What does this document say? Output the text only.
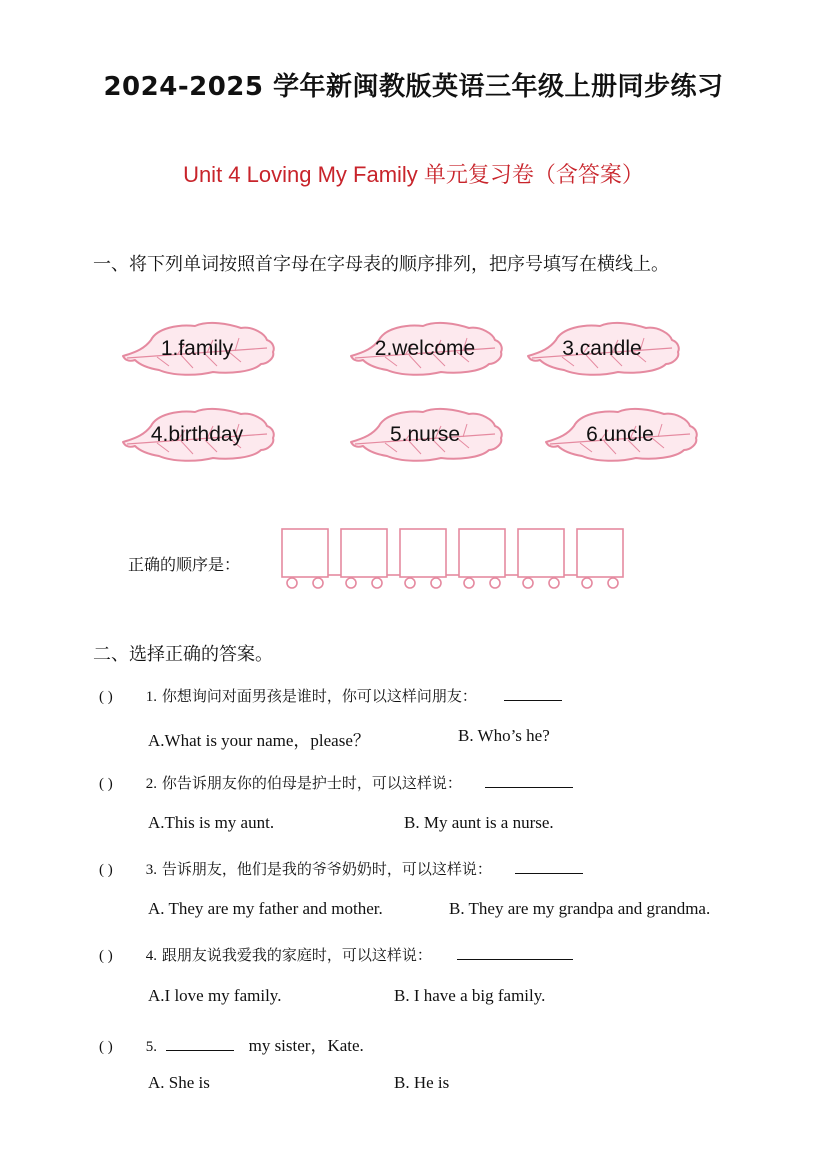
2024-2025 学年新闽教版英语三年级上册同步练习
Unit 4 Loving My Family 单元复习卷（含答案）
一、将下列单词按照首字母在字母表的顺序排列，把序号填写在横线上。
1.family	2.welcome	3.candle
4.birthday	5.nurse	6.uncle
正确的顺序是：
二、选择正确的答案。
( ) 1. 你想询问对面男孩是谁时，你可以这样问朋友：
A.What is your name，please？	B. Who’s he?
( ) 2. 你告诉朋友你的伯母是护士时，可以这样说：
A.This is my aunt.	B. My aunt is a nurse.
( ) 3. 告诉朋友，他们是我的爷爷奶奶时，可以这样说：
A. They are my father and mother.	B. They are my grandpa and grandma.
( ) 4. 跟朋友说我爱我的家庭时，可以这样说：
A.I love my family.	B. I have a big family.
( ) 5.	my sister，Kate.
A. She is	B. He is
